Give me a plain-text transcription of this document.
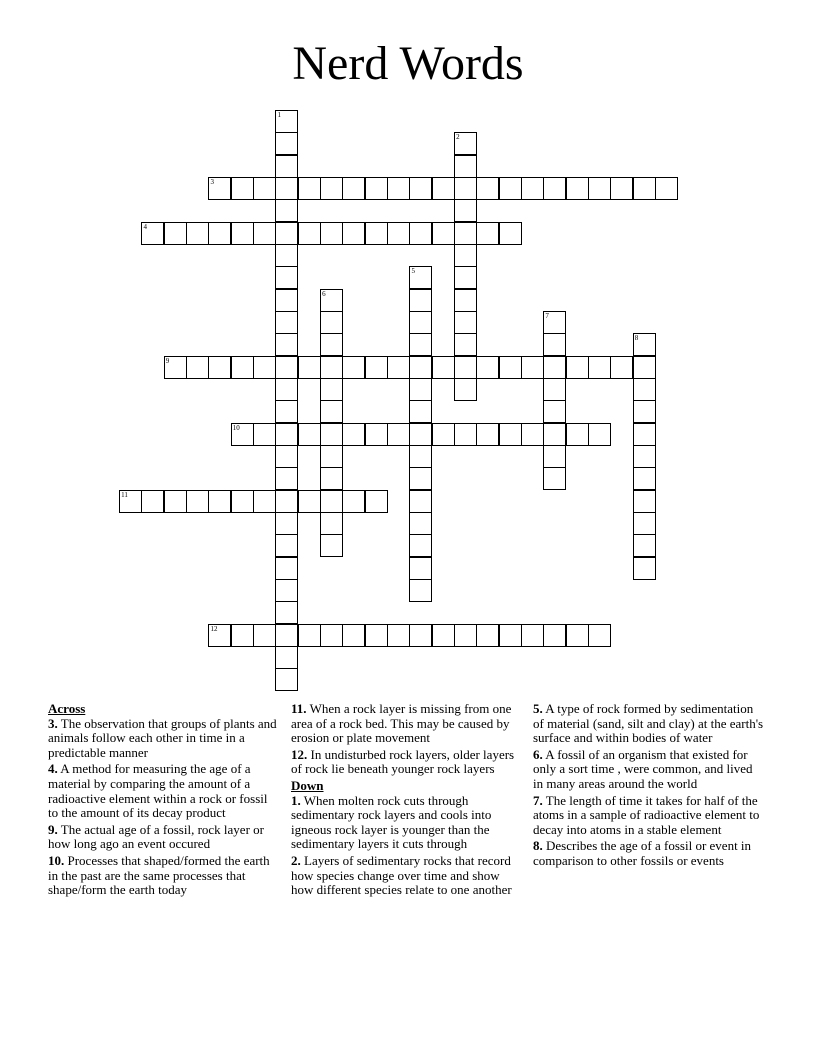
Nerd Words
1
2
3
4
5
6
7
8
9
10
11
12
Across
3. The observation that groups of plants and animals follow each other in time in a predictable manner
4. A method for measuring the age of a material by comparing the amount of a radioactive element within a rock or fossil to the amount of its decay product
9. The actual age of a fossil, rock layer or how long ago an event occured
10. Processes that shaped/formed the earth in the past are the same processes that shape/form the earth today
11. When a rock layer is missing from one area of a rock bed. This may be caused by erosion or plate movement
12. In undisturbed rock layers, older layers of rock lie beneath younger rock layers
Down
1. When molten rock cuts through sedimentary rock layers and cools into igneous rock layer is younger than the sedimentary layers it cuts through
2. Layers of sedimentary rocks that record how species change over time and show how different species relate to one another
5. A type of rock formed by sedimentation of material (sand, silt and clay) at the earth's surface and within bodies of water
6. A fossil of an organism that existed for only a sort time , were common, and lived in many areas around the world
7. The length of time it takes for half of the atoms in a sample of radioactive element to decay into atoms in a stable element
8. Describes the age of a fossil or event in comparison to other fossils or events
